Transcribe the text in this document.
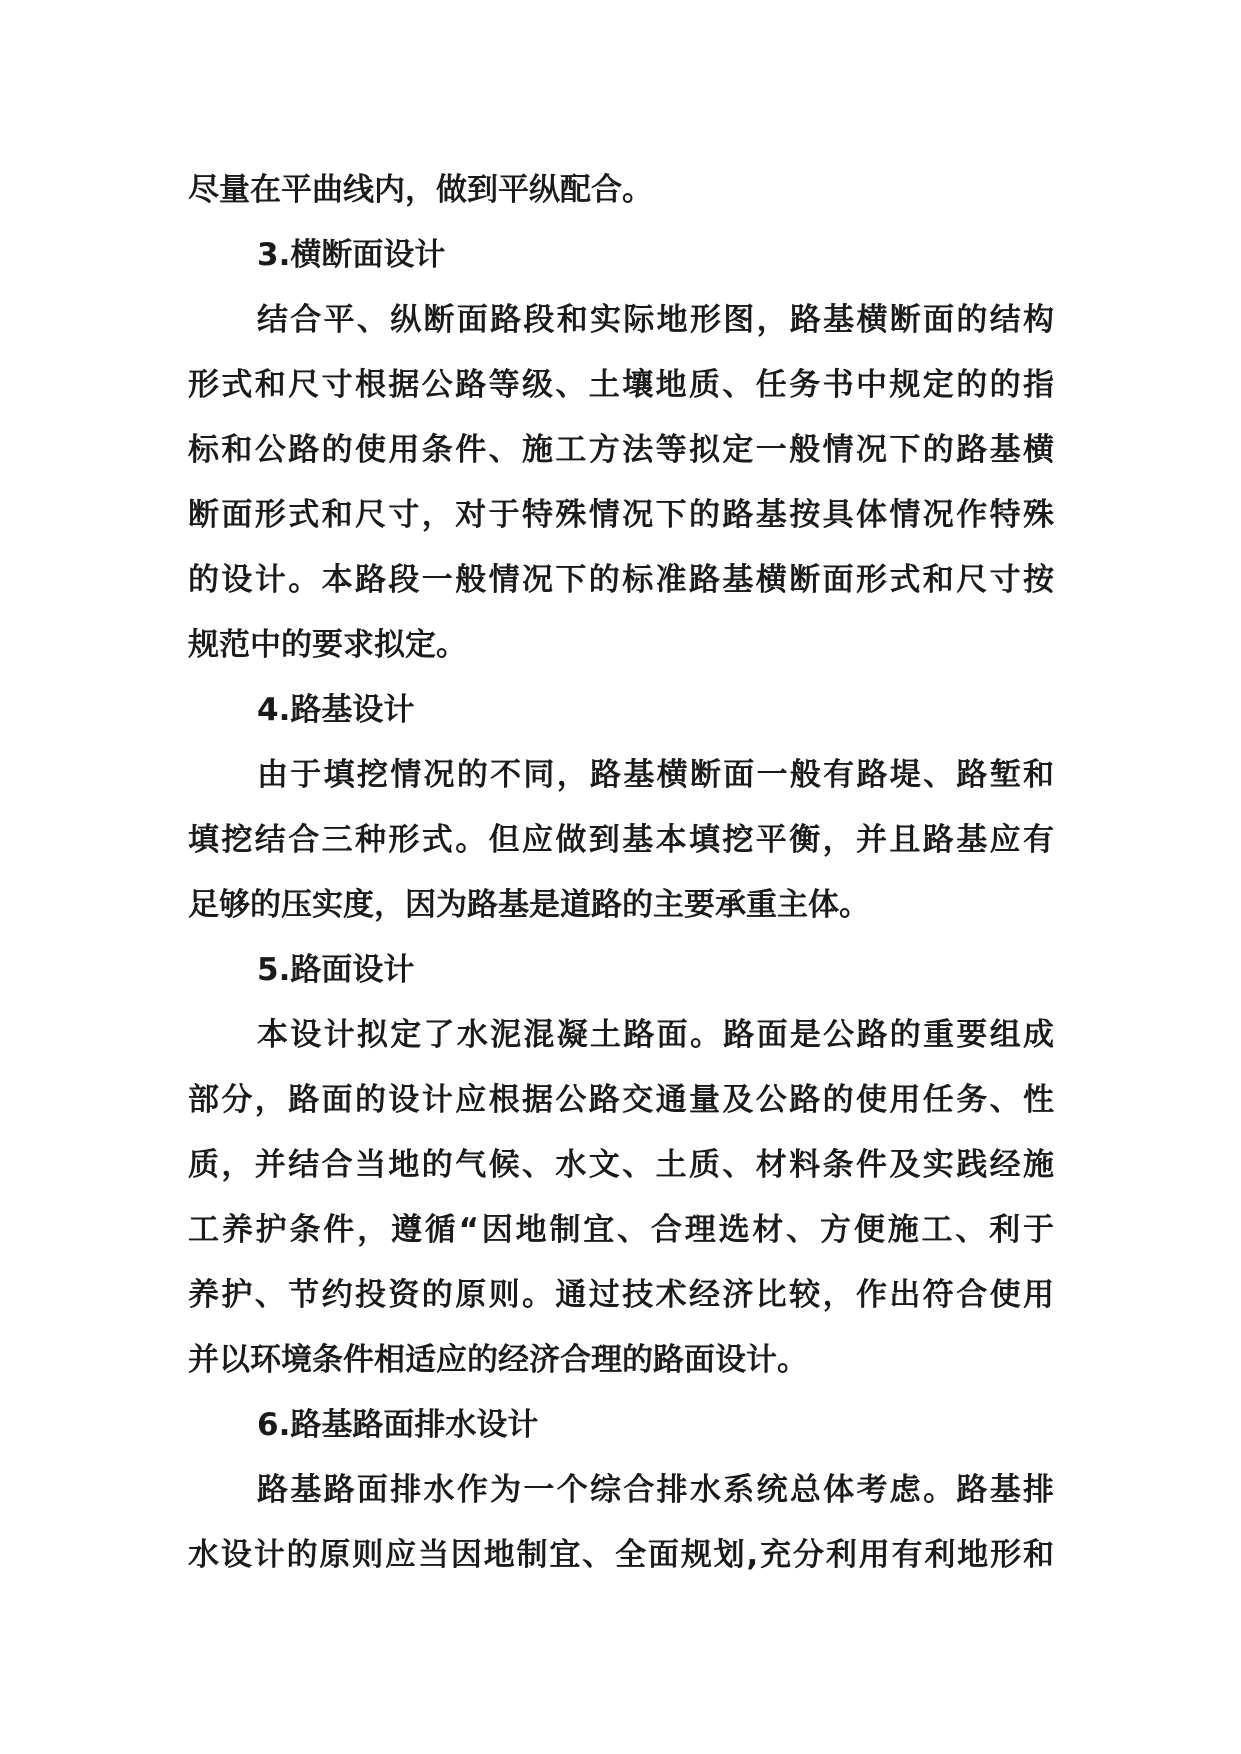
尽量在平曲线内，做到平纵配合。
3.横断面设计
结合平、纵断面路段和实际地形图，路基横断面的结构
形式和尺寸根据公路等级、土壤地质、任务书中规定的的指
标和公路的使用条件、施工方法等拟定一般情况下的路基横
断面形式和尺寸，对于特殊情况下的路基按具体情况作特殊
的设计。本路段一般情况下的标准路基横断面形式和尺寸按
规范中的要求拟定。
4.路基设计
由于填挖情况的不同，路基横断面一般有路堤、路堑和
填挖结合三种形式。但应做到基本填挖平衡，并且路基应有
足够的压实度，因为路基是道路的主要承重主体。
5.路面设计
本设计拟定了水泥混凝土路面。路面是公路的重要组成
部分，路面的设计应根据公路交通量及公路的使用任务、性
质，并结合当地的气候、水文、土质、材料条件及实践经施
工养护条件，遵循“因地制宜、合理选材、方便施工、利于
养护、节约投资的原则。通过技术经济比较，作出符合使用
并以环境条件相适应的经济合理的路面设计。
6.路基路面排水设计
路基路面排水作为一个综合排水系统总体考虑。路基排
水设计的原则应当因地制宜、全面规划,充分利用有利地形和
